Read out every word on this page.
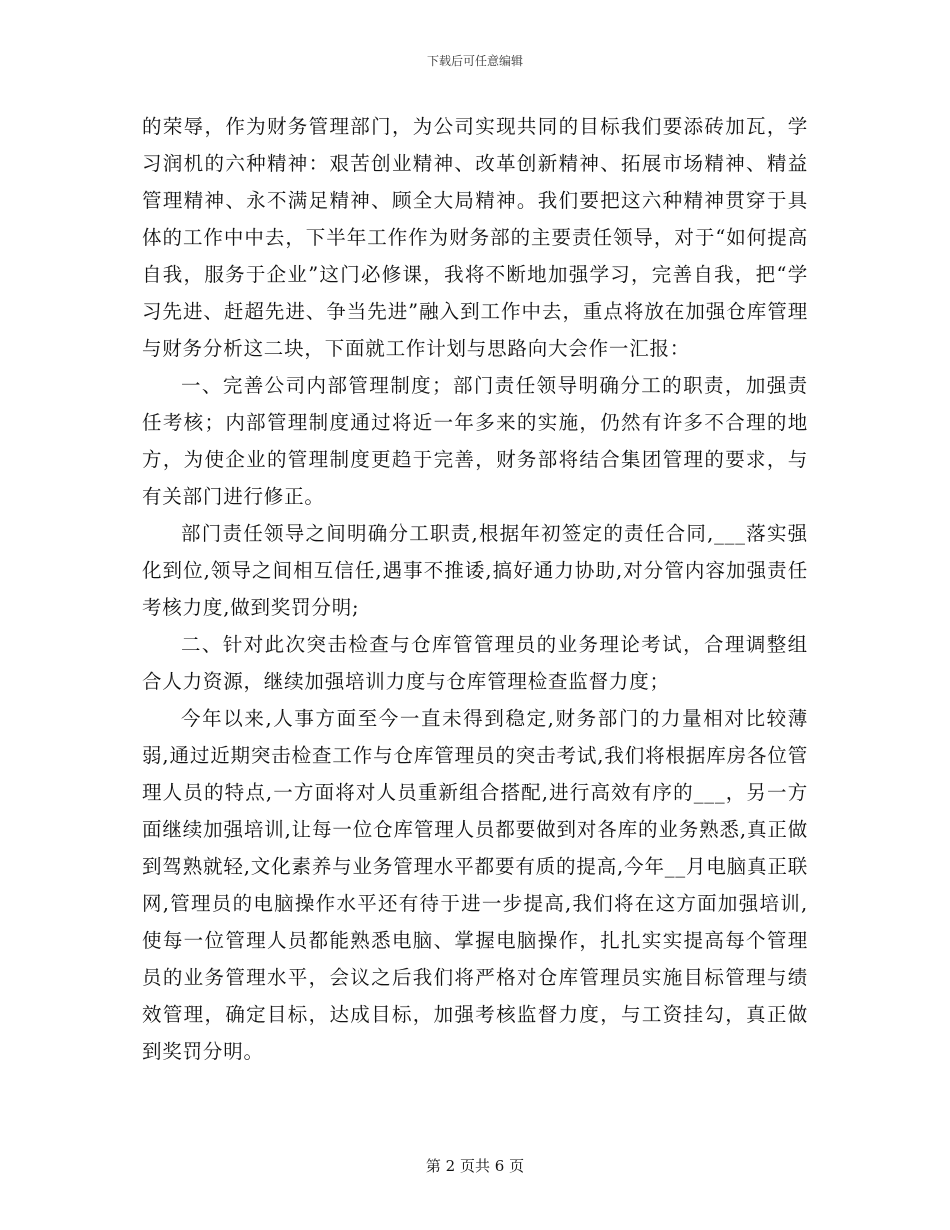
下载后可任意编辑

的荣辱，作为财务管理部门，为公司实现共同的目标我们要添砖加瓦，学习润机的六种精神：艰苦创业精神、改革创新精神、拓展市场精神、精益管理精神、永不满足精神、顾全大局精神。我们要把这六种精神贯穿于具体的工作中中去，下半年工作作为财务部的主要责任领导，对于“如何提高自我，服务于企业”这门必修课，我将不断地加强学习，完善自我，把“学习先进、赶超先进、争当先进”融入到工作中去，重点将放在加强仓库管理与财务分析这二块，下面就工作计划与思路向大会作一汇报：

一、完善公司内部管理制度；部门责任领导明确分工的职责，加强责任考核；内部管理制度通过将近一年多来的实施，仍然有许多不合理的地方，为使企业的管理制度更趋于完善，财务部将结合集团管理的要求，与有关部门进行修正。

部门责任领导之间明确分工职责,根据年初签定的责任合同,___落实强化到位,领导之间相互信任,遇事不推诿,搞好通力协助,对分管内容加强责任考核力度,做到奖罚分明;

二、针对此次突击检查与仓库管管理员的业务理论考试，合理调整组合人力资源，继续加强培训力度与仓库管理检查监督力度；

今年以来,人事方面至今一直未得到稳定,财务部门的力量相对比较薄弱,通过近期突击检查工作与仓库管理员的突击考试,我们将根据库房各位管理人员的特点,一方面将对人员重新组合搭配,进行高效有序的___，另一方面继续加强培训,让每一位仓库管理人员都要做到对各库的业务熟悉,真正做到驾熟就轻,文化素养与业务管理水平都要有质的提高,今年__月电脑真正联网,管理员的电脑操作水平还有待于进一步提高,我们将在这方面加强培训,使每一位管理人员都能熟悉电脑、掌握电脑操作，扎扎实实提高每个管理员的业务管理水平，会议之后我们将严格对仓库管理员实施目标管理与绩效管理，确定目标，达成目标，加强考核监督力度，与工资挂勾，真正做到奖罚分明。

第 2 页共 6 页
